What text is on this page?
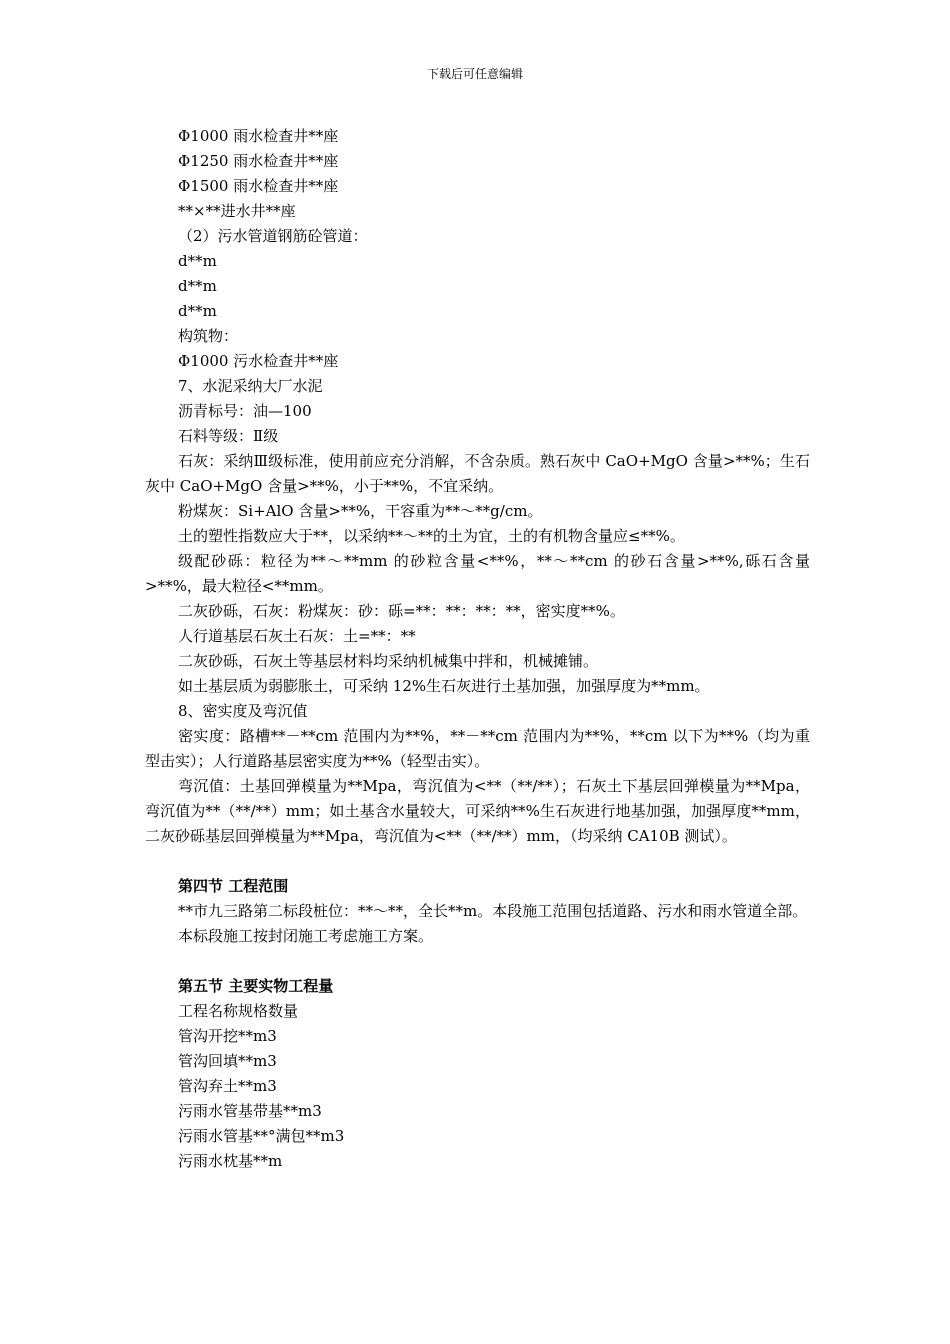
下载后可任意编辑

Φ1000 雨水检查井**座

Φ1250 雨水检查井**座

Φ1500 雨水检查井**座

**×**进水井**座

（2）污水管道钢筋砼管道：

d**m

d**m

d**m

构筑物：

Φ1000 污水检查井**座

7、水泥采纳大厂水泥

沥青标号：油—100

石料等级：Ⅱ级

石灰：采纳Ⅲ级标准，使用前应充分消解，不含杂质。熟石灰中 CaO+MgO 含量>**%；生石灰中 CaO+MgO 含量>**%，小于**%，不宜采纳。

粉煤灰：Si+AlO 含量>**%，干容重为**～**g/cm。

土的塑性指数应大于**，以采纳**～**的土为宜，土的有机物含量应≤**%。

级配砂砾：粒径为**～**mm 的砂粒含量<**%，**～**cm 的砂石含量>**%,砾石含量>**%，最大粒径<**mm。

二灰砂砾，石灰：粉煤灰：砂：砾=**：**：**：**，密实度**%。

人行道基层石灰土石灰：土=**：**

二灰砂砾，石灰土等基层材料均采纳机械集中拌和，机械摊铺。

如土基层质为弱膨胀土，可采纳 12%生石灰进行土基加强，加强厚度为**mm。

8、密实度及弯沉值

密实度：路槽**－**cm 范围内为**%，**－**cm 范围内为**%，**cm 以下为**%（均为重型击实）；人行道路基层密实度为**%（轻型击实）。

弯沉值：土基回弹模量为**Mpa，弯沉值为<**（**/**）；石灰土下基层回弹模量为**Mpa，弯沉值为**（**/**）mm；如土基含水量较大，可采纳**%生石灰进行地基加强，加强厚度**mm，二灰砂砾基层回弹模量为**Mpa，弯沉值为<**（**/**）mm，（均采纳 CA10B 测试）。

第四节 工程范围

**市九三路第二标段桩位：**～**，全长**m。本段施工范围包括道路、污水和雨水管道全部。

本标段施工按封闭施工考虑施工方案。

第五节 主要实物工程量

工程名称规格数量

管沟开挖**m3

管沟回填**m3

管沟弃土**m3

污雨水管基带基**m3

污雨水管基**°满包**m3

污雨水枕基**m
